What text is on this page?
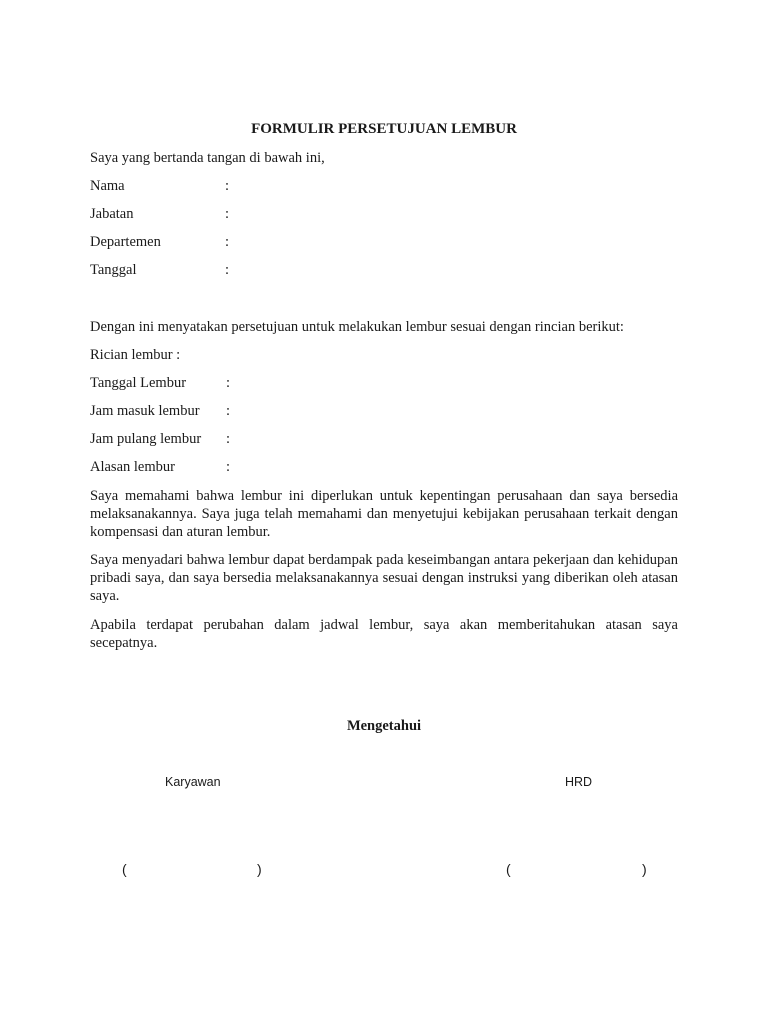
FORMULIR PERSETUJUAN LEMBUR
Saya yang bertanda tangan di bawah ini,
Nama	:
Jabatan	:
Departemen	:
Tanggal	:
Dengan ini menyatakan persetujuan untuk melakukan lembur sesuai dengan rincian berikut:
Rician lembur :
Tanggal Lembur	:
Jam masuk lembur :
Jam pulang lembur :
Alasan lembur	:
Saya memahami bahwa lembur ini diperlukan untuk kepentingan perusahaan dan saya bersedia melaksanakannya. Saya juga telah memahami dan menyetujui kebijakan perusahaan terkait dengan kompensasi dan aturan lembur.
Saya menyadari bahwa lembur dapat berdampak pada keseimbangan antara pekerjaan dan kehidupan pribadi saya, dan saya bersedia melaksanakannya sesuai dengan instruksi yang diberikan oleh atasan saya.
Apabila terdapat perubahan dalam jadwal lembur, saya akan memberitahukan atasan saya secepatnya.
Mengetahui
Karyawan	HRD
(	)	(	)
